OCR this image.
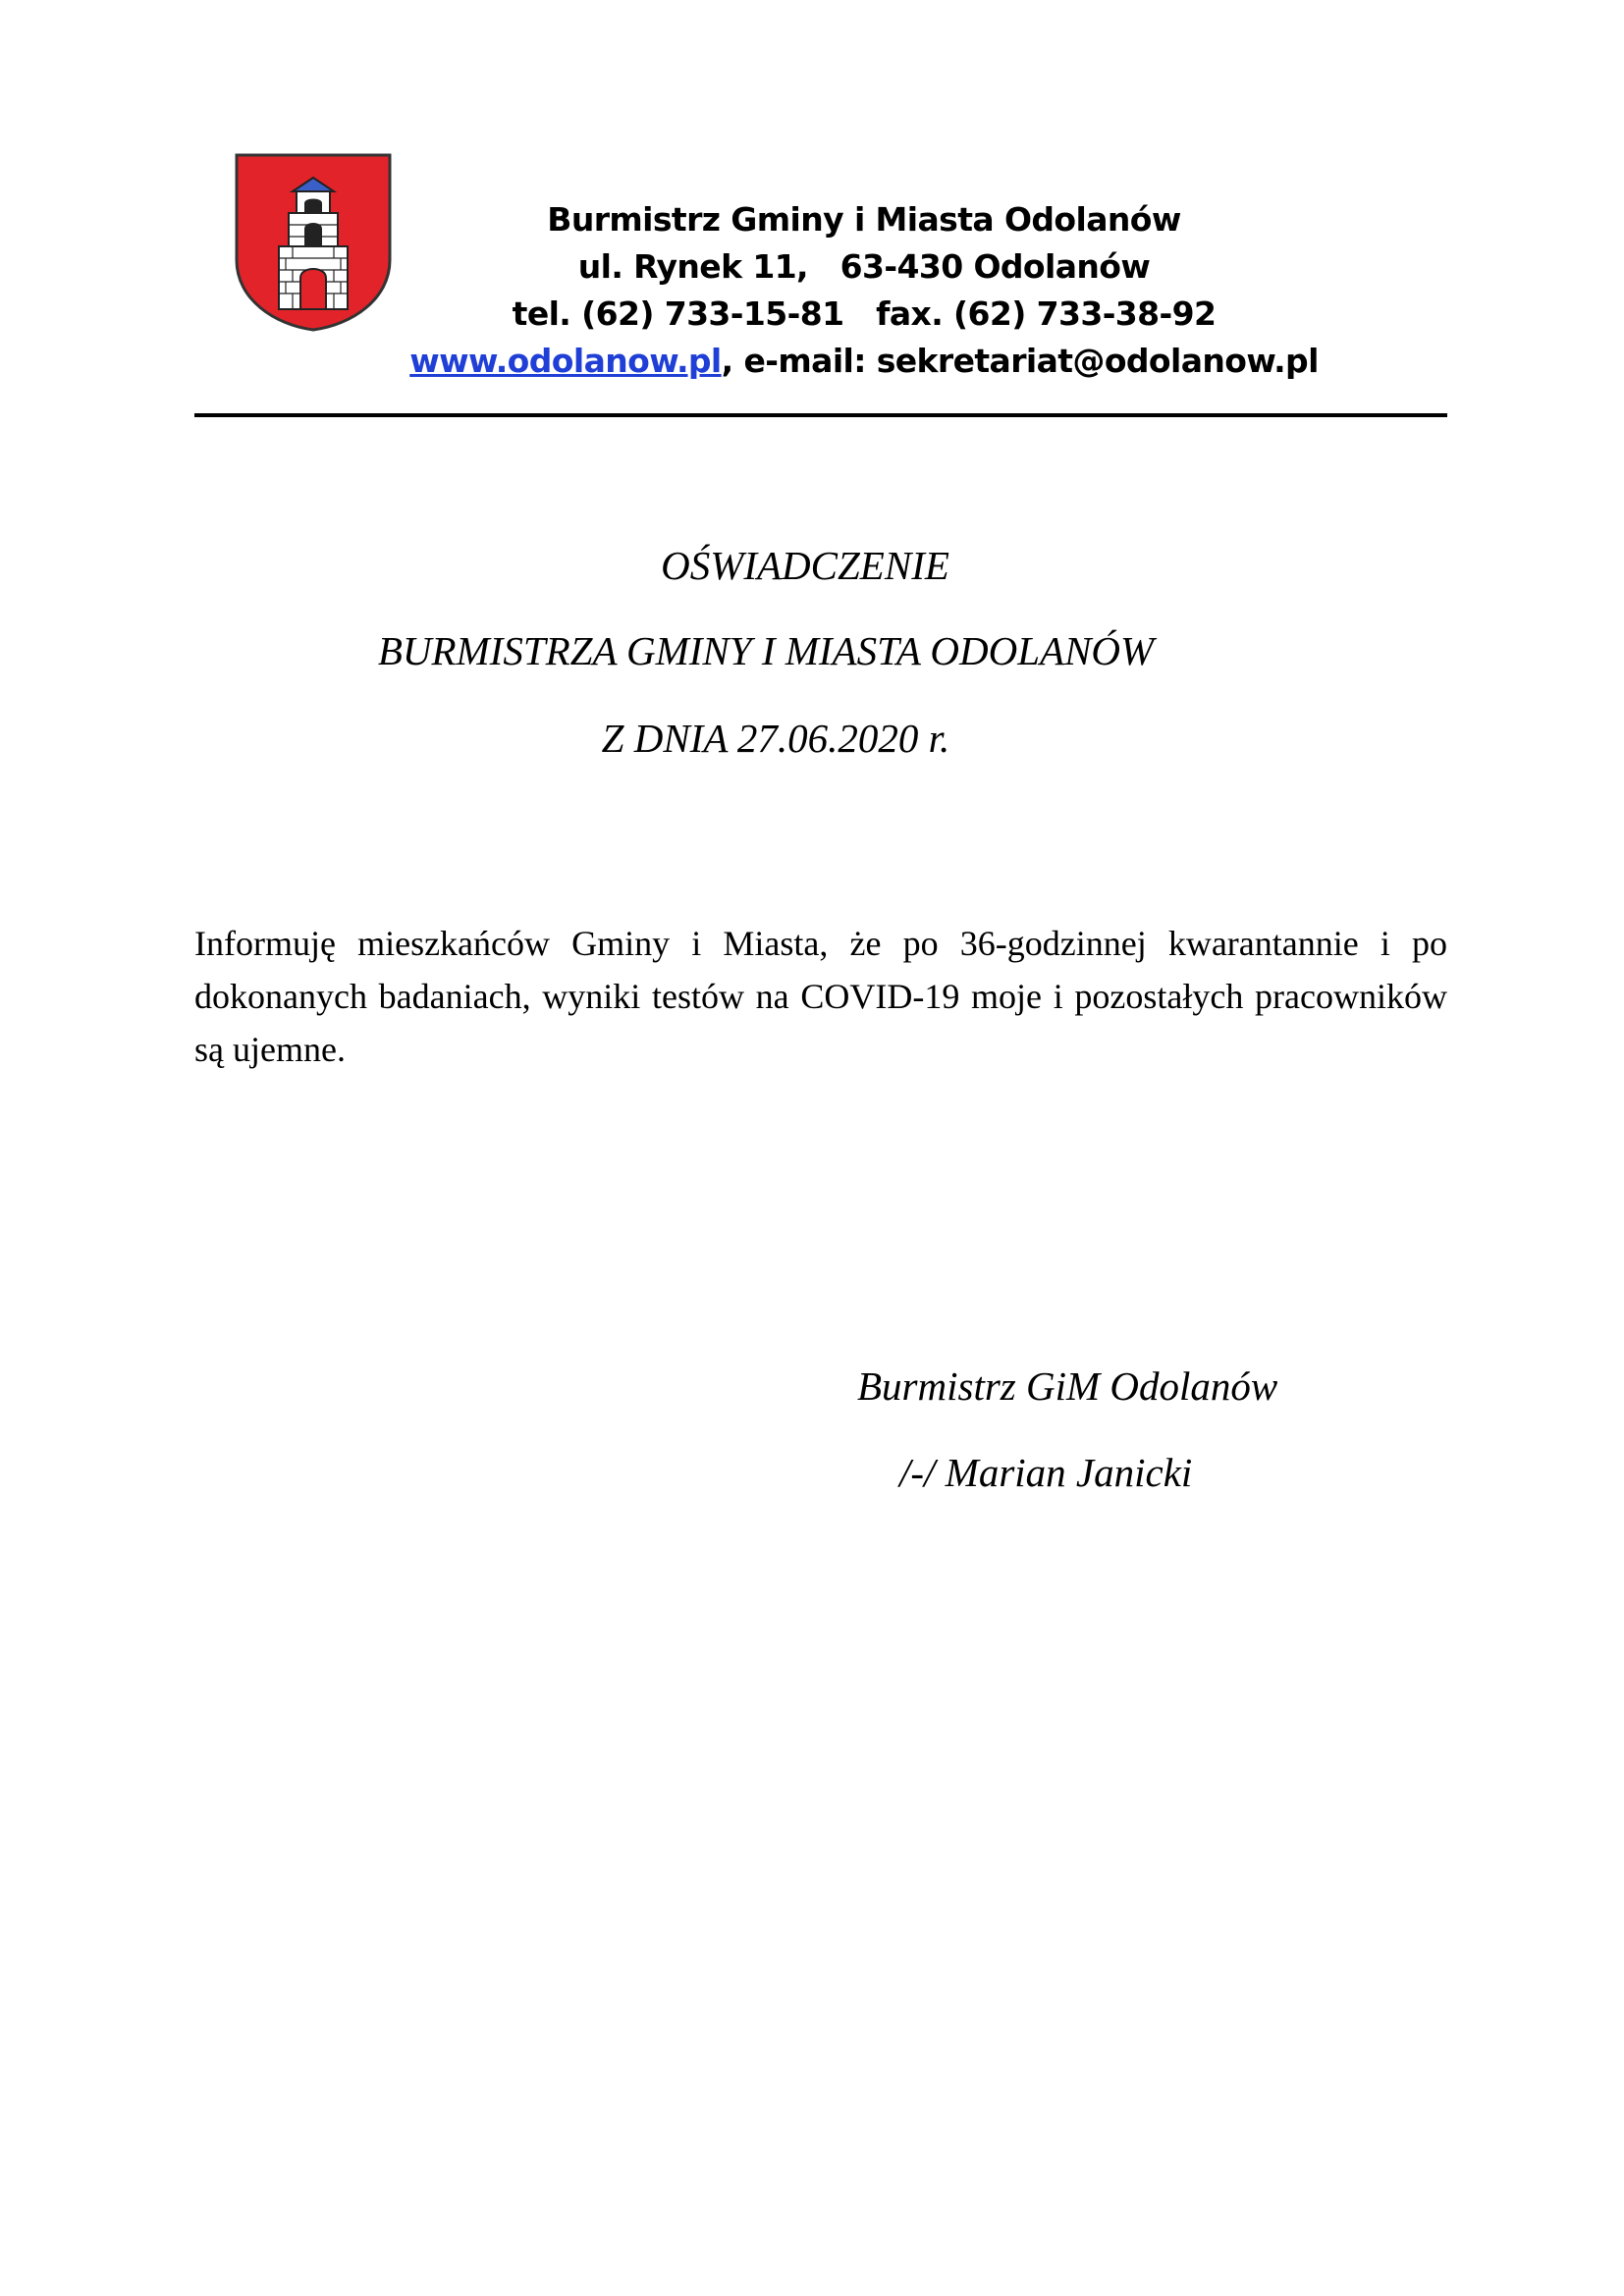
Burmistrz Gminy i Miasta Odolanów
ul. Rynek 11,   63-430 Odolanów
tel. (62) 733-15-81   fax. (62) 733-38-92
www.odolanow.pl, e-mail: sekretariat@odolanow.pl
OŚWIADCZENIE
BURMISTRZA GMINY I MIASTA ODOLANÓW
Z DNIA 27.06.2020 r.
Informuję mieszkańców Gminy i Miasta, że po 36-godzinnej kwarantannie i po dokonanych badaniach, wyniki testów na COVID-19 moje i pozostałych pracowników są ujemne.
Burmistrz GiM Odolanów
/-/ Marian Janicki
